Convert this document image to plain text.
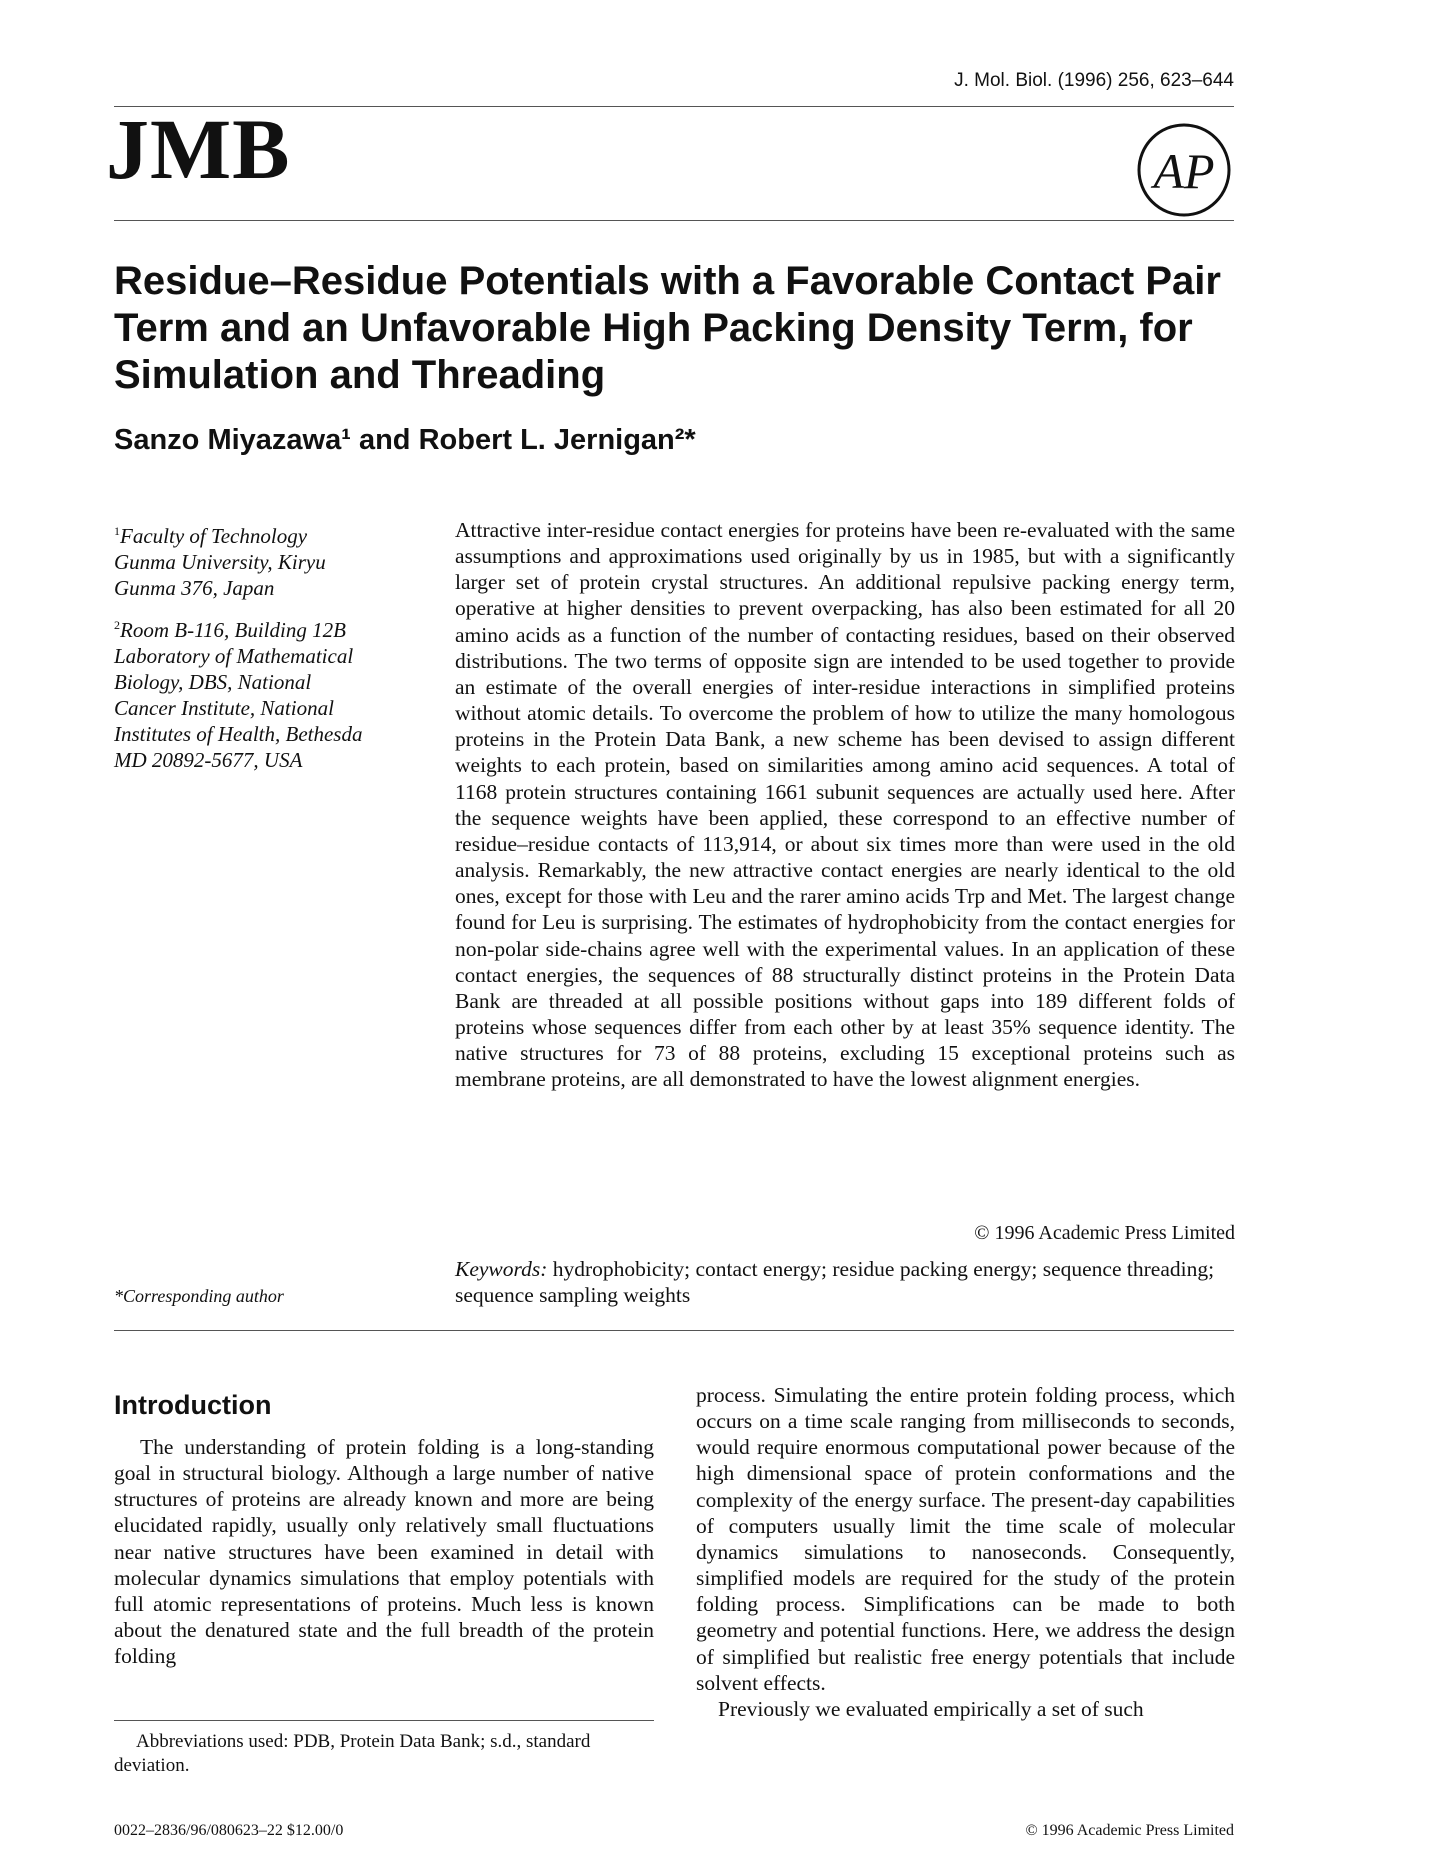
J. Mol. Biol. (1996) 256, 623–644
JMB	AP
Residue–Residue Potentials with a Favorable Contact Pair Term and an Unfavorable High Packing Density Term, for Simulation and Threading
Sanzo Miyazawa¹ and Robert L. Jernigan²*
$^1$Faculty of Technology
Gunma University, Kiryu
Gunma 376, Japan
$^2$Room B-116, Building 12B
Laboratory of Mathematical
Biology, DBS, National
Cancer Institute, National
Institutes of Health, Bethesda
MD 20892-5677, USA
*Corresponding author

Attractive inter-residue contact energies for proteins have been re-evaluated with the same assumptions and approximations used originally by us in 1985, but with a significantly larger set of protein crystal structures. An additional repulsive packing energy term, operative at higher densities to prevent overpacking, has also been estimated for all 20 amino acids as a function of the number of contacting residues, based on their observed distributions. The two terms of opposite sign are intended to be used together to provide an estimate of the overall energies of inter-residue interactions in simplified proteins without atomic details. To overcome the problem of how to utilize the many homologous proteins in the Protein Data Bank, a new scheme has been devised to assign different weights to each protein, based on similarities among amino acid sequences. A total of 1168 protein structures containing 1661 subunit sequences are actually used here. After the sequence weights have been applied, these correspond to an effective number of residue–residue contacts of 113,914, or about six times more than were used in the old analysis. Remarkably, the new attractive contact energies are nearly identical to the old ones, except for those with Leu and the rarer amino acids Trp and Met. The largest change found for Leu is surprising. The estimates of hydrophobicity from the contact energies for non-polar side-chains agree well with the experimental values. In an application of these contact energies, the sequences of 88 structurally distinct proteins in the Protein Data Bank are threaded at all possible positions without gaps into 189 different folds of proteins whose sequences differ from each other by at least 35% sequence identity. The native structures for 73 of 88 proteins, excluding 15 exceptional proteins such as membrane proteins, are all demonstrated to have the lowest alignment energies.

© 1996 Academic Press Limited
Keywords: hydrophobicity; contact energy; residue packing energy; sequence threading; sequence sampling weights
Introduction

The understanding of protein folding is a long-standing goal in structural biology. Although a large number of native structures of proteins are already known and more are being elucidated rapidly, usually only relatively small fluctuations near native structures have been examined in detail with molecular dynamics simulations that employ potentials with full atomic representations of proteins. Much less is known about the denatured state and the full breadth of the protein folding

process. Simulating the entire protein folding process, which occurs on a time scale ranging from milliseconds to seconds, would require enormous computational power because of the high dimensional space of protein conformations and the complexity of the energy surface. The present-day capabilities of computers usually limit the time scale of molecular dynamics simulations to nanoseconds. Consequently, simplified models are required for the study of the protein folding process. Simplifications can be made to both geometry and potential functions. Here, we address the design of simplified but realistic free energy potentials that include solvent effects.
Previously we evaluated empirically a set of such
Abbreviations used: PDB, Protein Data Bank; s.d., standard deviation.
0022–2836/96/080623–22 $12.00/0	© 1996 Academic Press Limited
